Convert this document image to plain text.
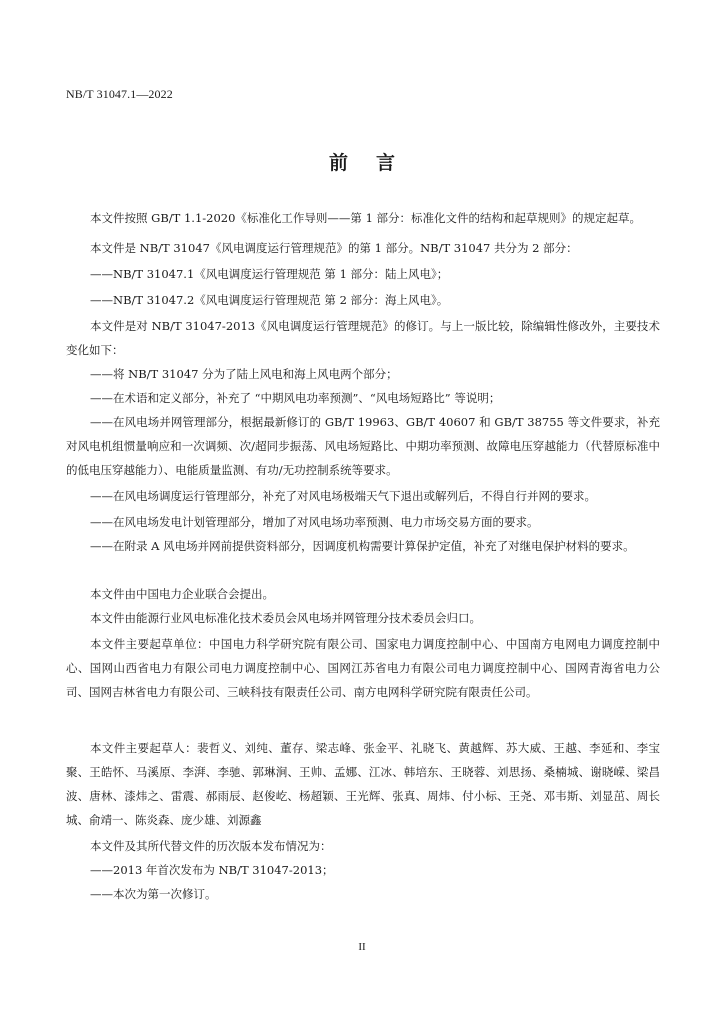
NB/T 31047.1—2022
前 言

本文件按照 GB/T 1.1-2020《标准化工作导则——第 1 部分：标准化文件的结构和起草规则》的规定起草。

本文件是 NB/T 31047《风电调度运行管理规范》的第 1 部分。NB/T 31047 共分为 2 部分：

——NB/T 31047.1《风电调度运行管理规范 第 1 部分：陆上风电》；

——NB/T 31047.2《风电调度运行管理规范 第 2 部分：海上风电》。

本文件是对 NB/T 31047-2013《风电调度运行管理规范》的修订。与上一版比较，除编辑性修改外，主要技术变化如下：

——将 NB/T 31047 分为了陆上风电和海上风电两个部分；

——在术语和定义部分，补充了 “中期风电功率预测”、“风电场短路比” 等说明；

——在风电场并网管理部分，根据最新修订的 GB/T 19963、GB/T 40607 和 GB/T 38755 等文件要求，补充对风电机组惯量响应和一次调频、次/超同步振荡、风电场短路比、中期功率预测、故障电压穿越能力（代替原标准中的低电压穿越能力）、电能质量监测、有功/无功控制系统等要求。

——在风电场调度运行管理部分，补充了对风电场极端天气下退出或解列后，不得自行并网的要求。

——在风电场发电计划管理部分，增加了对风电场功率预测、电力市场交易方面的要求。

——在附录 A 风电场并网前提供资料部分，因调度机构需要计算保护定值，补充了对继电保护材料的要求。

本文件由中国电力企业联合会提出。

本文件由能源行业风电标准化技术委员会风电场并网管理分技术委员会归口。

本文件主要起草单位：中国电力科学研究院有限公司、国家电力调度控制中心、中国南方电网电力调度控制中心、国网山西省电力有限公司电力调度控制中心、国网江苏省电力有限公司电力调度控制中心、国网青海省电力公司、国网吉林省电力有限公司、三峡科技有限责任公司、南方电网科学研究院有限责任公司。

本文件主要起草人：裴哲义、刘纯、董存、梁志峰、张金平、礼晓飞、黄越辉、苏大威、王越、李延和、李宝聚、王皓怀、马溪原、李湃、李驰、郭琳涧、王帅、孟娜、江冰、韩培东、王晓蓉、刘思扬、桑楠城、谢晓嵘、梁昌波、唐林、漆炜之、雷震、郝雨辰、赵俊屹、杨超颖、王光辉、张真、周炜、付小标、王尧、邓韦斯、刘显茁、周长城、俞靖一、陈炎森、庞少雄、刘源鑫

本文件及其所代替文件的历次版本发布情况为：

——2013 年首次发布为 NB/T 31047-2013；

——本次为第一次修订。

II
